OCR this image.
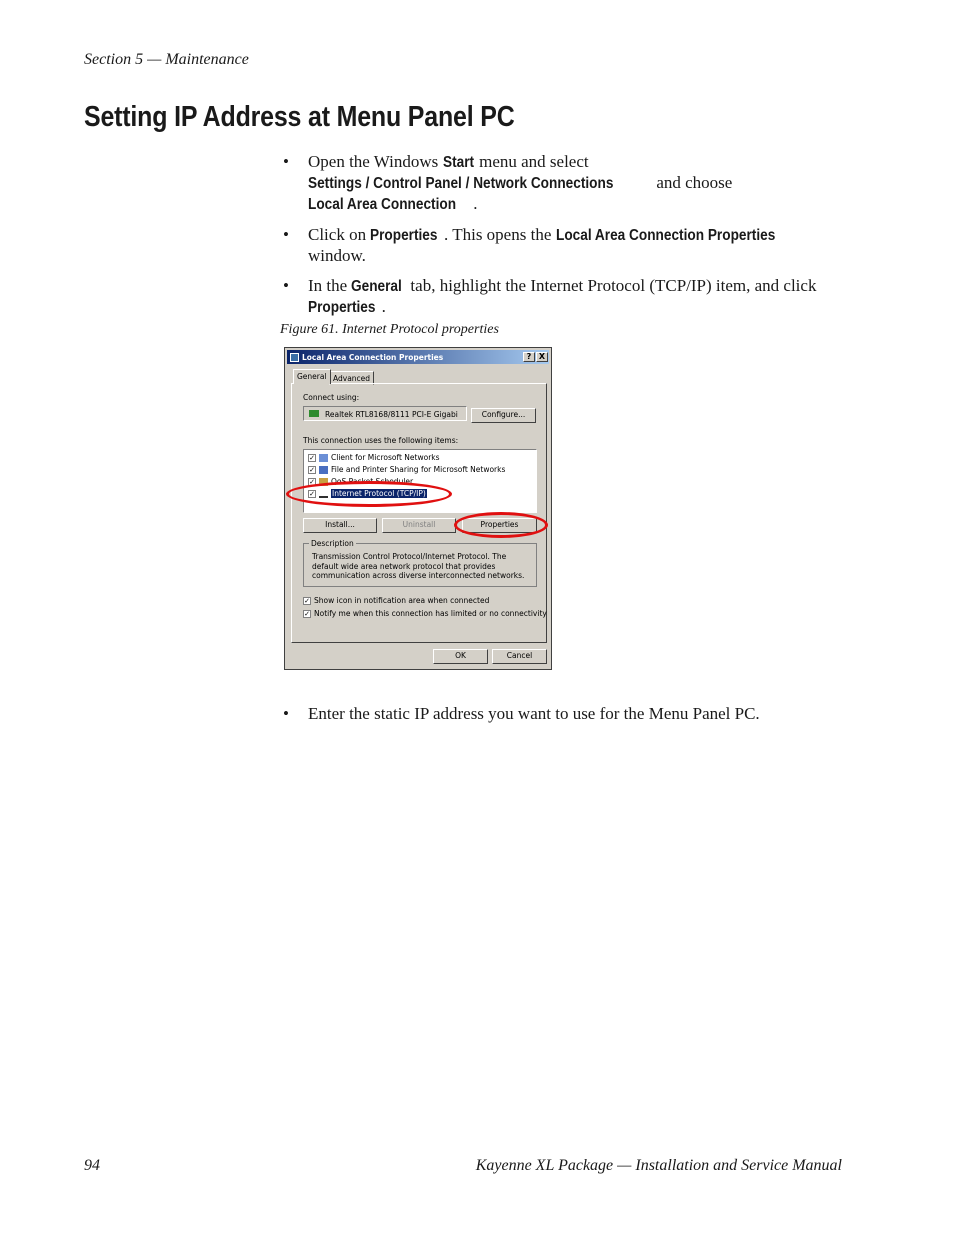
Section 5 — Maintenance
Setting IP Address at Menu Panel PC
• Open the Windows Start menu and select Settings / Control Panel / Network Connections and choose Local Area Connection .
• Click on Properties . This opens the Local Area Connection Properties window.
• In the General tab, highlight the Internet Protocol (TCP/IP) item, and click Properties .
Figure 61. Internet Protocol properties
Local Area Connection Properties	? X
General Advanced
Connect using:
Realtek RTL8168/8111 PCI-E Gigabi	Configure...
This connection uses the following items:
✓ Client for Microsoft Networks
✓ File and Printer Sharing for Microsoft Networks
✓ QoS Packet Scheduler
✓ Internet Protocol (TCP/IP)
Install...	Uninstall	Properties
Description
Transmission Control Protocol/Internet Protocol. The default wide area network protocol that provides communication across diverse interconnected networks.
✓ Show icon in notification area when connected
✓ Notify me when this connection has limited or no connectivity
OK	Cancel
• Enter the static IP address you want to use for the Menu Panel PC.
94	Kayenne XL Package — Installation and Service Manual
